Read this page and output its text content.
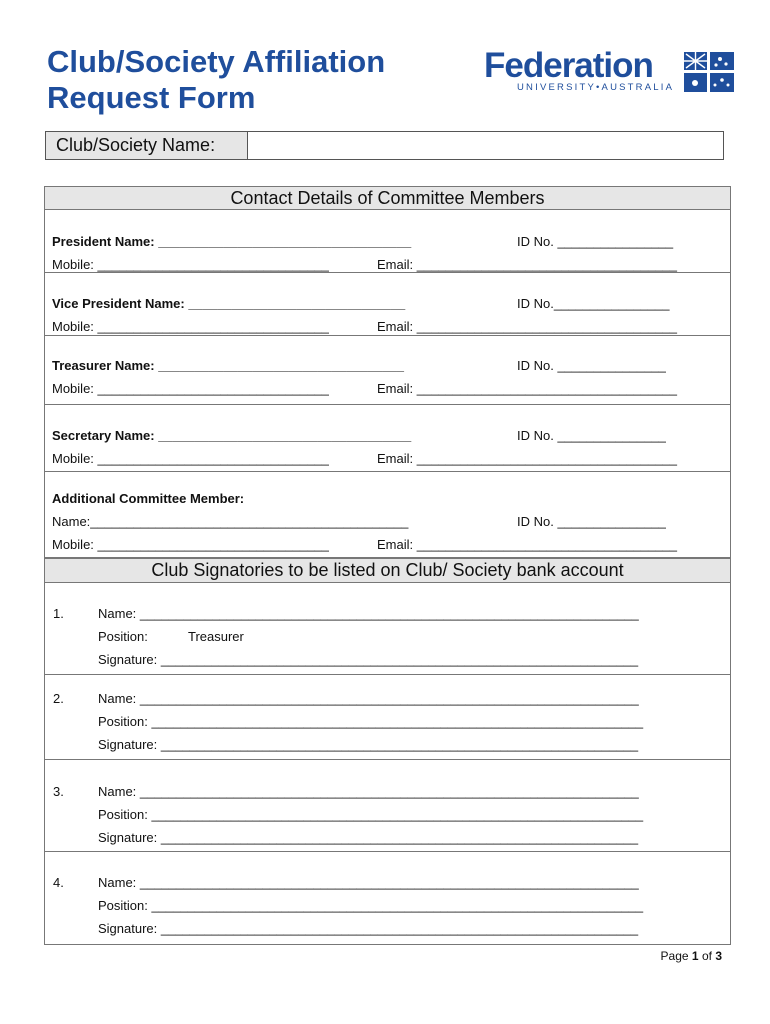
Club/Society Affiliation
Request Form
Federation
UNIVERSITY•AUSTRALIA
Club/Society Name:
Contact Details of Committee Members
President Name: ___________________________________	ID No. ________________
Mobile: ________________________________	Email: ____________________________________
Vice President Name: ______________________________	ID No.________________
Mobile: ________________________________	Email: ____________________________________
Treasurer Name: __________________________________	ID No. _______________
Mobile: ________________________________	Email: ____________________________________
Secretary Name: ___________________________________	ID No. _______________
Mobile: ________________________________	Email: ____________________________________
Additional Committee Member:
Name:____________________________________________	ID No. _______________
Mobile: ________________________________	Email: ____________________________________
Club Signatories to be listed on Club/ Society bank account
1.	Name: _____________________________________________________________________
Position:	Treasurer
Signature: __________________________________________________________________
2.	Name: _____________________________________________________________________
Position: ____________________________________________________________________
Signature: __________________________________________________________________
3.	Name: _____________________________________________________________________
Position: ____________________________________________________________________
Signature: __________________________________________________________________
4.	Name: _____________________________________________________________________
Position: ____________________________________________________________________
Signature: __________________________________________________________________
Page 1 of 3
